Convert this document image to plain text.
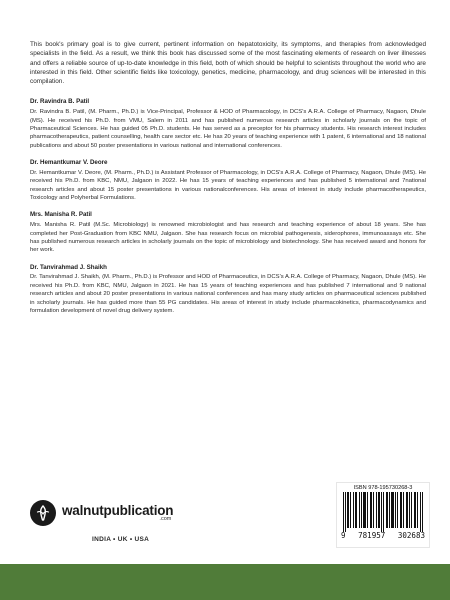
This book's primary goal is to give current, pertinent information on hepatotoxicity, its symptoms, and therapies from acknowledged specialists in the field. As a result, we think this book has discussed some of the most fascinating elements of research on liver illnesses and offers a reliable source of up-to-date knowledge in this field, both of which should be helpful to scientists throughout the world who are interested in this field. Other scientific fields like toxicology, genetics, medicine, pharmacology, and drug sciences will be interested in this compilation.

Dr. Ravindra B. Patil

Dr. Ravindra B. Patil, (M. Pharm., Ph.D.) is Vice-Principal, Professor & HOD of Pharmacology, in DCS's A.R.A. College of Pharmacy, Nagaon, Dhule (MS). He received his Ph.D. from VMU, Salem in 2011 and has published numerous research articles in scholarly journals on the topic of Pharmaceutical Sciences. He has guided 05 Ph.D. students. He has served as a preceptor for his pharmacy students. His research interest includes pharmacotherapeutics, patient counselling, health care sector etc. He has 20 years of teaching experience with 1 patent, 6 international and 18 national publications and about 50 poster presentations in various national and international conferences.

Dr. Hemantkumar V. Deore

Dr. Hemantkumar V. Deore, (M. Pharm., Ph.D.) is Assistant Professor of Pharmacology, in DCS's A.R.A. College of Pharmacy, Nagaon, Dhule (MS). He received his Ph.D. from KBC, NMU, Jalgaon in 2022. He has 15 years of teaching experiences and has published 5 international and 7national research articles and about 15 poster presentations in various nationalconferences. His areas of interest in study include pharmacotherapeutics, Toxicology and Polyherbal Formulations.

Mrs. Manisha R. Patil

Mrs. Manisha R. Patil (M.Sc. Microbiology) is renowned microbiologist and has research and teaching experience of about 18 years. She has completed her Post-Graduation from KBC NMU, Jalgaon. She has research focus on microbial pathogenesis, siderophores, immunoassays etc. She has published numerous research articles in scholarly journals on the topic of microbiology and biotechnology. She has received award and honors for her work.

Dr. Tanvirahmad J. Shaikh

Dr. Tanvirahmad J. Shaikh, (M. Pharm., Ph.D.) is Professor and HOD of Pharmaceutics, in DCS's A.R.A. College of Pharmacy, Nagaon, Dhule (MS). He received his Ph.D. from KBC, NMU, Jalgaon in 2021. He has 15 years of teaching experiences and has published 7 international and 9 national research articles and about 20 poster presentations in various national conferences and has many study articles on pharmaceutical sciences published in scholarly journals. He has guided more than 55 PG candidates. His areas of interest in study include pharmacokinetics, pharmacodynamics and formulation development of novel drug delivery system.

walnutpublication
.com
INDIA • UK • USA
ISBN 978-195730268-3
9 781957 302683
